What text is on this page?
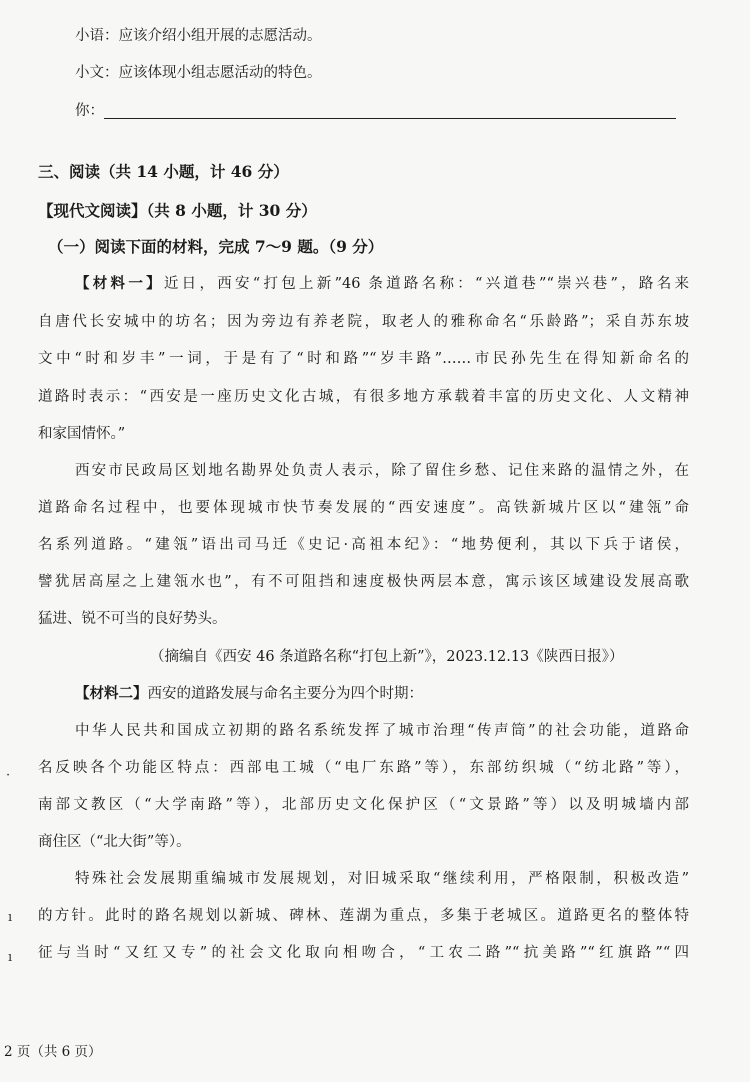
小语：应该介绍小组开展的志愿活动。
小文：应该体现小组志愿活动的特色。
你：
三、阅读（共 14 小题，计 46 分）
【现代文阅读】（共 8 小题，计 30 分）
（一）阅读下面的材料，完成 7～9 题。（9 分）
【材料一】近日，西安“打包上新”46 条道路名称：“兴道巷”“崇兴巷”，路名来
自唐代长安城中的坊名；因为旁边有养老院，取老人的雅称命名“乐龄路”；采自苏东坡
文中“时和岁丰”一词，于是有了“时和路”“岁丰路”……市民孙先生在得知新命名的
道路时表示：“西安是一座历史文化古城，有很多地方承载着丰富的历史文化、人文精神
和家国情怀。”
西安市民政局区划地名勘界处负责人表示，除了留住乡愁、记住来路的温情之外，在
道路命名过程中，也要体现城市快节奏发展的“西安速度”。高铁新城片区以“建瓴”命
名系列道路。“建瓴”语出司马迁《史记·高祖本纪》：“地势便利，其以下兵于诸侯，
譬犹居高屋之上建瓴水也”，有不可阻挡和速度极快两层本意，寓示该区域建设发展高歌
猛进、锐不可当的良好势头。
（摘编自《西安 46 条道路名称“打包上新”》，2023.12.13《陕西日报》）
【材料二】西安的道路发展与命名主要分为四个时期：
中华人民共和国成立初期的路名系统发挥了城市治理“传声筒”的社会功能，道路命
名反映各个功能区特点：西部电工城（“电厂东路”等），东部纺织城（“纺北路”等），
南部文教区（“大学南路”等），北部历史文化保护区（“文景路”等）以及明城墙内部
商住区（“北大街”等）。
特殊社会发展期重编城市发展规划，对旧城采取“继续利用，严格限制，积极改造”
的方针。此时的路名规划以新城、碑林、莲湖为重点，多集于老城区。道路更名的整体特
征与当时“又红又专”的社会文化取向相吻合，“工农二路”“抗美路”“红旗路”“四
·
ı
ı
2 页（共 6 页）
